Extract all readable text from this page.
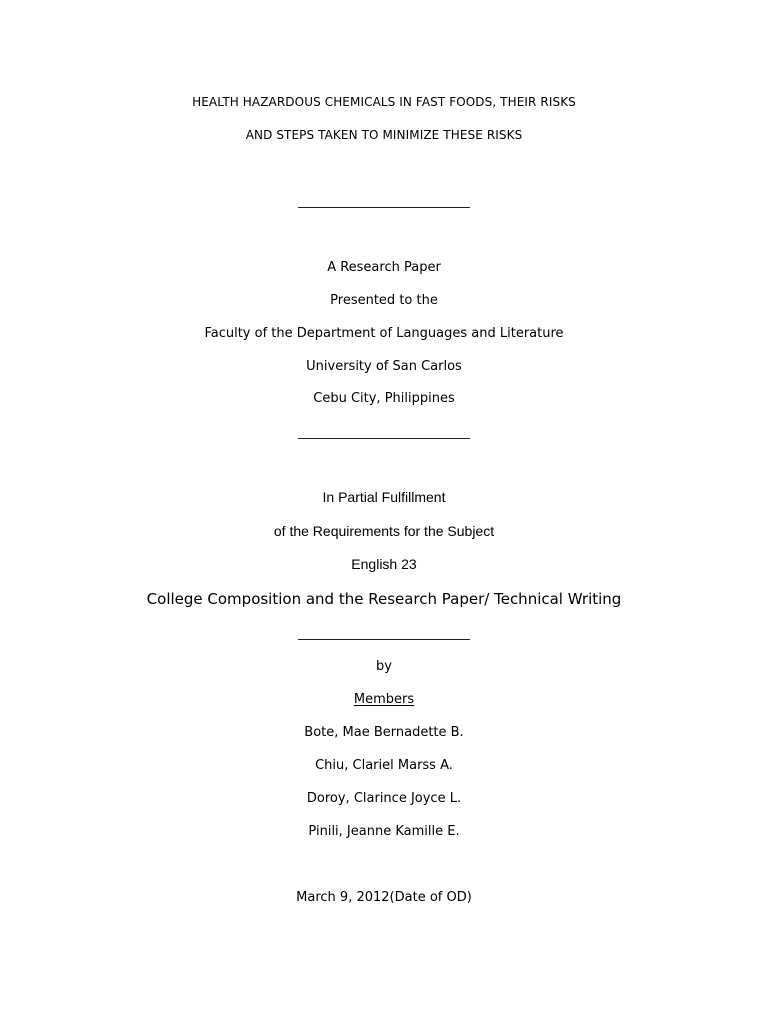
HEALTH HAZARDOUS CHEMICALS IN FAST FOODS, THEIR RISKS
AND STEPS TAKEN TO MINIMIZE THESE RISKS
A Research Paper
Presented to the
Faculty of the Department of Languages and Literature
University of San Carlos
Cebu City, Philippines
In Partial Fulfillment
of the Requirements for the Subject
English 23
College Composition and the Research Paper/ Technical Writing
by
Members
Bote, Mae Bernadette B.
Chiu, Clariel Marss A.
Doroy, Clarince Joyce L.
Pinili, Jeanne Kamille E.
March 9, 2012(Date of OD)
